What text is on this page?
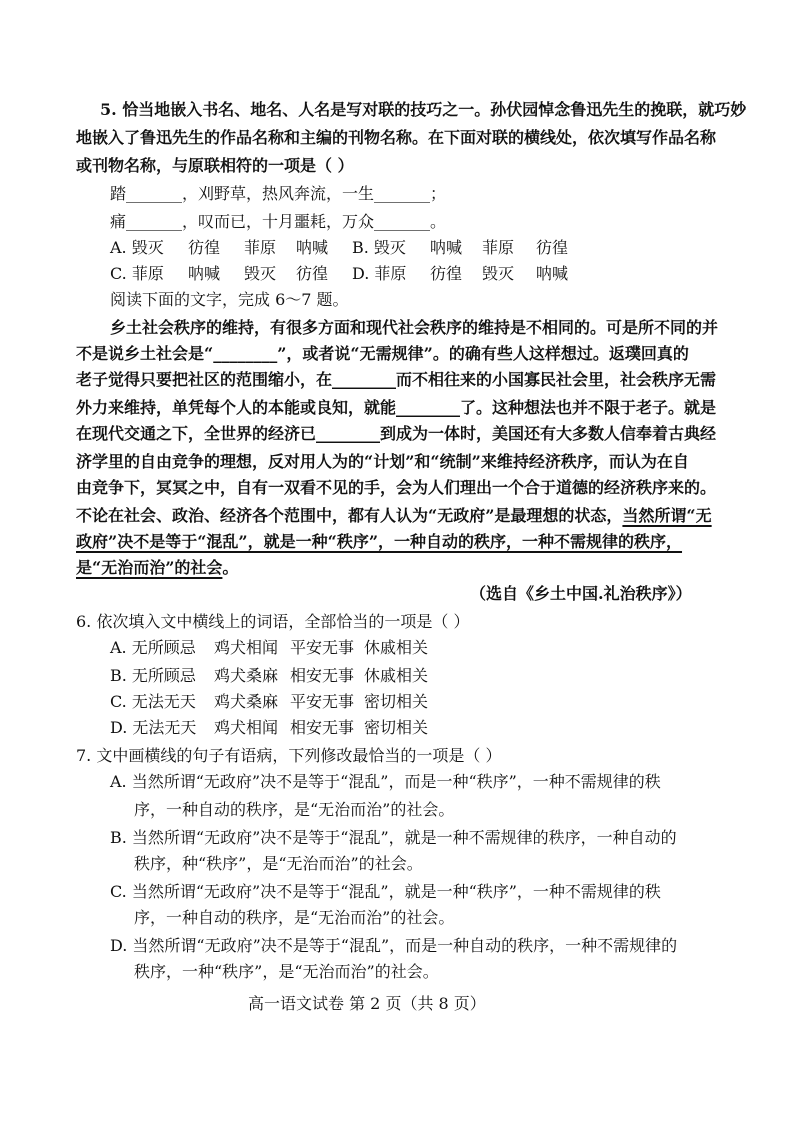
5. 恰当地嵌入书名、地名、人名是写对联的技巧之一。孙伏园悼念鲁迅先生的挽联，就巧妙
地嵌入了鲁迅先生的作品名称和主编的刊物名称。在下面对联的横线处，依次填写作品名称
或刊物名称，与原联相符的一项是（ ）
踏_______，刈野草，热风奔流，一生_______；
痛_______，叹而已，十月噩耗，万众_______。
A. 毁灭 彷徨 菲原 呐喊 B. 毁灭 呐喊 菲原 彷徨
C. 菲原 呐喊 毁灭 彷徨 D. 菲原 彷徨 毁灭 呐喊
阅读下面的文字，完成 6～7 题。
乡土社会秩序的维持，有很多方面和现代社会秩序的维持是不相同的。可是所不同的并
不是说乡土社会是“________”，或者说“无需规律”。的确有些人这样想过。返璞回真的
老子觉得只要把社区的范围缩小，在________而不相往来的小国寡民社会里，社会秩序无需
外力来维持，单凭每个人的本能或良知，就能________了。这种想法也并不限于老子。就是
在现代交通之下，全世界的经济已________到成为一体时，美国还有大多数人信奉着古典经
济学里的自由竞争的理想，反对用人为的“计划”和“统制”来维持经济秩序，而认为在自
由竞争下，冥冥之中，自有一双看不见的手，会为人们理出一个合于道德的经济秩序来的。
不论在社会、政治、经济各个范围中，都有人认为“无政府”是最理想的状态，当然所谓“无
政府”决不是等于“混乱”，就是一种“秩序”，一种自动的秩序，一种不需规律的秩序，
是“无治而治”的社会。
（选自《乡土中国.礼治秩序》）
6. 依次填入文中横线上的词语，全部恰当的一项是（ ）
A. 无所顾忌 鸡犬相闻 平安无事 休戚相关
B. 无所顾忌 鸡犬桑麻 相安无事 休戚相关
C. 无法无天 鸡犬桑麻 平安无事 密切相关
D. 无法无天 鸡犬相闻 相安无事 密切相关
7. 文中画横线的句子有语病，下列修改最恰当的一项是（ ）
A. 当然所谓“无政府”决不是等于“混乱”，而是一种“秩序”，一种不需规律的秩
序，一种自动的秩序，是“无治而治”的社会。
B. 当然所谓“无政府”决不是等于“混乱”，就是一种不需规律的秩序，一种自动的
秩序，种“秩序”，是“无治而治”的社会。
C. 当然所谓“无政府”决不是等于“混乱”，就是一种“秩序”，一种不需规律的秩
序，一种自动的秩序，是“无治而治”的社会。
D. 当然所谓“无政府”决不是等于“混乱”，而是一种自动的秩序，一种不需规律的
秩序，一种“秩序”，是“无治而治”的社会。
高一语文试卷 第 2 页（共 8 页）
